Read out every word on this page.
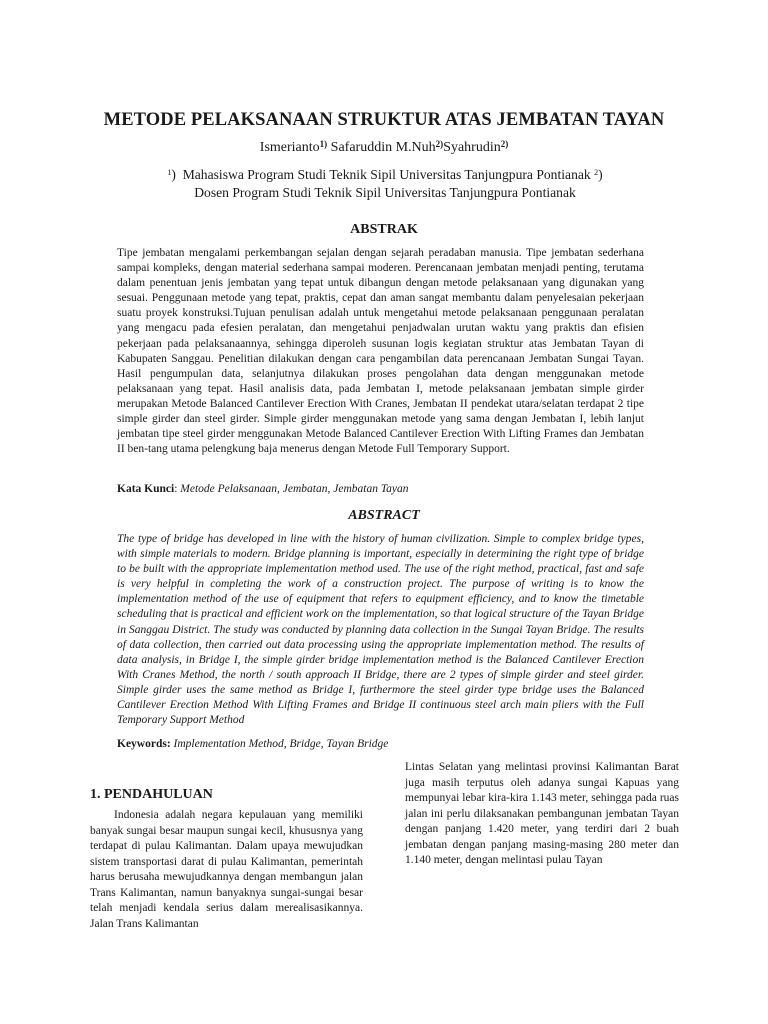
METODE PELAKSANAAN STRUKTUR ATAS JEMBATAN TAYAN
Ismerianto$^{1)}$ Safaruddin M.Nuh$^{2)}$Syahrudin$^{2)}$
$^1$)  Mahasiswa Program Studi Teknik Sipil Universitas Tanjungpura Pontianak $^2$) Dosen Program Studi Teknik Sipil Universitas Tanjungpura Pontianak
ABSTRAK
Tipe jembatan mengalami perkembangan sejalan dengan sejarah peradaban manusia. Tipe jembatan sederhana sampai kompleks, dengan material sederhana sampai moderen. Perencanaan jembatan menjadi penting, terutama dalam penentuan jenis jembatan yang tepat untuk dibangun dengan metode pelaksanaan yang digunakan yang sesuai. Penggunaan metode yang tepat, praktis, cepat dan aman sangat membantu dalam penyelesaian pekerjaan suatu proyek konstruksi.Tujuan penulisan adalah untuk mengetahui metode pelaksanaan penggunaan peralatan yang mengacu pada efesien peralatan, dan mengetahui penjadwalan urutan waktu yang praktis dan efisien pekerjaan pada pelaksanaannya, sehingga diperoleh susunan logis kegiatan struktur atas Jembatan Tayan di Kabupaten Sanggau. Penelitian dilakukan dengan cara pengambilan data perencanaan Jembatan Sungai Tayan. Hasil pengumpulan data, selanjutnya dilakukan proses pengolahan data dengan menggunakan metode pelaksanaan yang tepat. Hasil analisis data, pada Jembatan I, metode pelaksanaan jembatan simple girder merupakan Metode Balanced Cantilever Erection With Cranes, Jembatan II pendekat utara/selatan terdapat 2 tipe simple girder dan steel girder. Simple girder menggunakan metode yang sama dengan Jembatan I, lebih lanjut jembatan tipe steel girder menggunakan Metode Balanced Cantilever Erection With Lifting Frames dan Jembatan II ben-tang utama pelengkung baja menerus dengan Metode Full Temporary Support.
Kata Kunci: Metode Pelaksanaan, Jembatan, Jembatan Tayan
ABSTRACT
The type of bridge has developed in line with the history of human civilization. Simple to complex bridge types, with simple materials to modern. Bridge planning is important, especially in determining the right type of bridge to be built with the appropriate implementation method used. The use of the right method, practical, fast and safe is very helpful in completing the work of a construction project. The purpose of writing is to know the implementation method of the use of equipment that refers to equipment efficiency, and to know the timetable scheduling that is practical and efficient work on the implementation, so that logical structure of the Tayan Bridge in Sanggau District. The study was conducted by planning data collection in the Sungai Tayan Bridge. The results of data collection, then carried out data processing using the appropriate implementation method. The results of data analysis, in Bridge I, the simple girder bridge implementation method is the Balanced Cantilever Erection With Cranes Method, the north / south approach II Bridge, there are 2 types of simple girder and steel girder. Simple girder uses the same method as Bridge I, furthermore the steel girder type bridge uses the Balanced Cantilever Erection Method With Lifting Frames and Bridge II continuous steel arch main pliers with the Full Temporary Support Method
Keywords: Implementation Method, Bridge, Tayan Bridge
1. PENDAHULUAN
Indonesia adalah negara kepulauan yang memiliki banyak sungai besar maupun sungai kecil, khususnya yang terdapat di pulau Kalimantan. Dalam upaya mewujudkan sistem transportasi darat di pulau Kalimantan, pemerintah harus berusaha mewujudkannya dengan membangun jalan Trans Kalimantan, namun banyaknya sungai-sungai besar telah menjadi kendala serius dalam merealisasikannya. Jalan Trans Kalimantan
Lintas Selatan yang melintasi provinsi Kalimantan Barat juga masih terputus oleh adanya sungai Kapuas yang mempunyai lebar kira-kira 1.143 meter, sehingga pada ruas jalan ini perlu dilaksanakan pembangunan jembatan Tayan dengan panjang 1.420 meter, yang terdiri dari 2 buah jembatan dengan panjang masing-masing 280 meter dan 1.140 meter, dengan melintasi pulau Tayan
